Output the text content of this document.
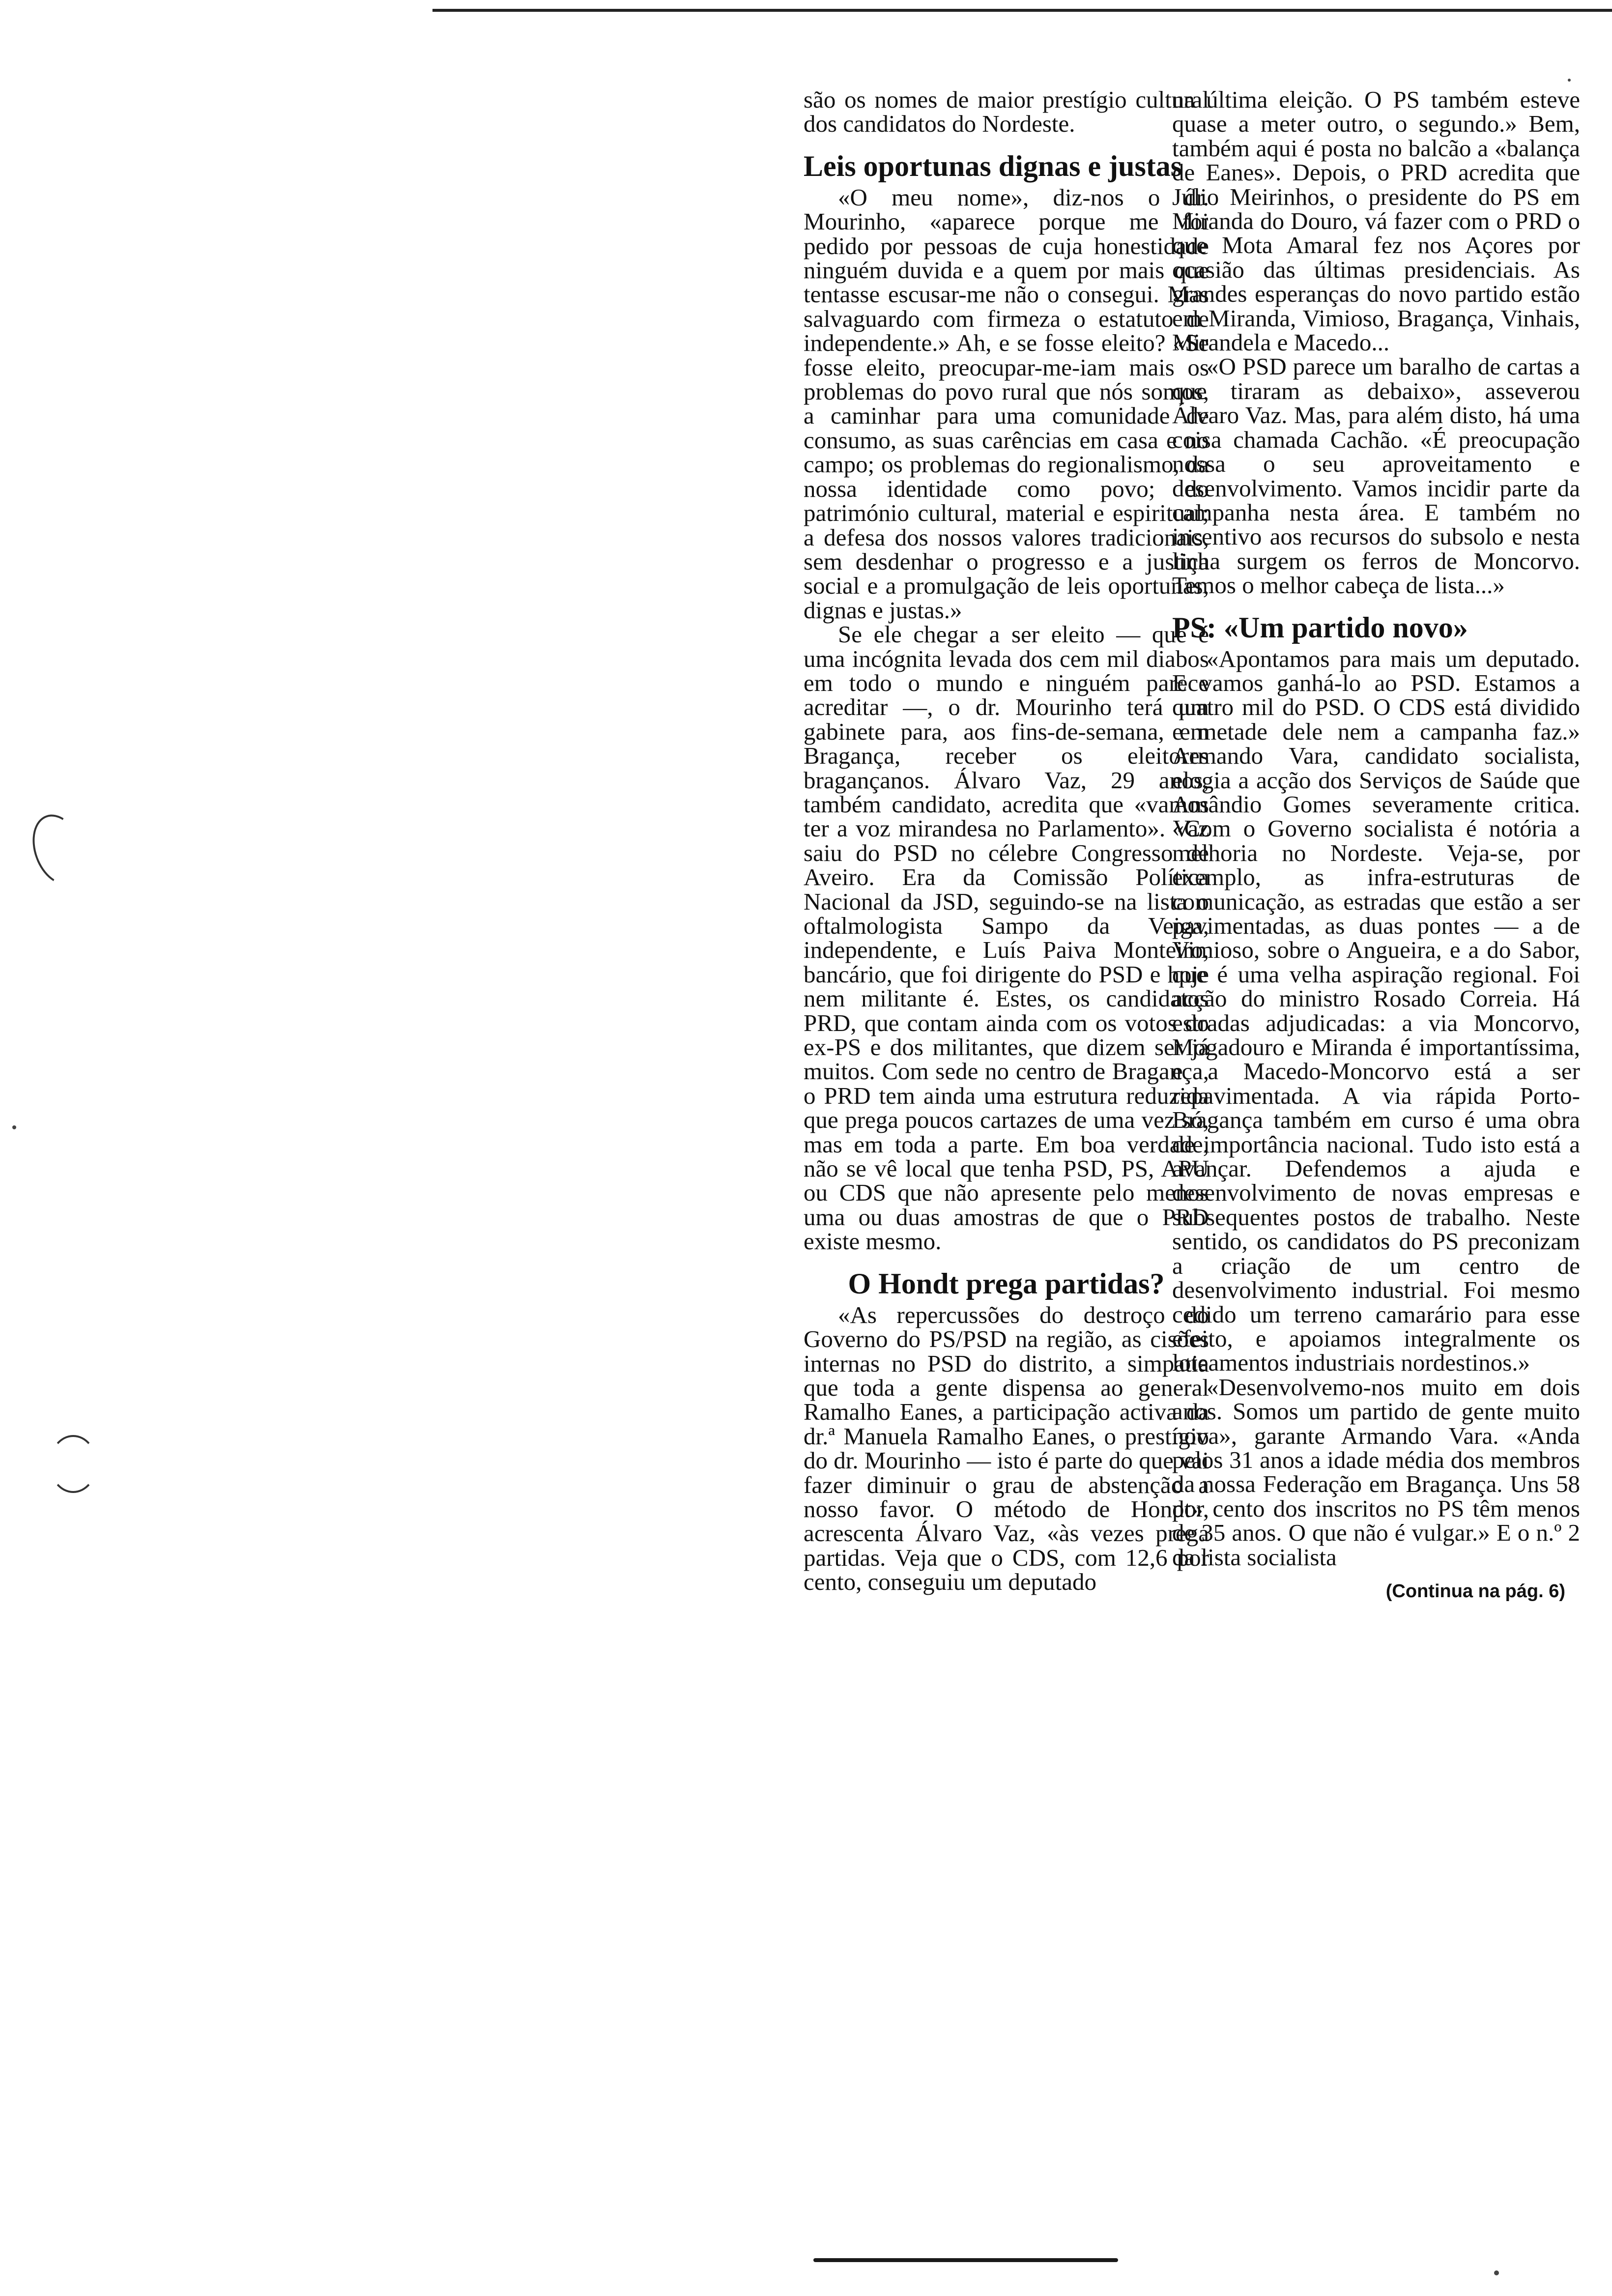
são os nomes de maior prestígio cultural dos candidatos do Nordeste.

Leis oportunas dignas e justas

«O meu nome», diz-nos o dr. Mourinho, «aparece porque me foi pedido por pessoas de cuja honestidade ninguém duvida e a quem por mais que tentasse escusar-me não o consegui. Mas salvaguardo com firmeza o estatuto de independente.» Ah, e se fosse eleito? «Se fosse eleito, preocupar-me-iam mais os problemas do povo rural que nós somos, a caminhar para uma comunidade de consumo, as suas carências em casa e no campo; os problemas do regionalismo, da nossa identidade como povo; do património cultural, material e espiritual; a defesa dos nossos valores tradicionais, sem desdenhar o progresso e a justiça social e a promulgação de leis oportunas, dignas e justas.»

Se ele chegar a ser eleito — que é uma incógnita levada dos cem mil diabos em todo o mundo e ninguém parece acreditar —, o dr. Mourinho terá um gabinete para, aos fins-de-semana, em Bragança, receber os eleitores bragançanos. Álvaro Vaz, 29 anos, também candidato, acredita que «vamos ter a voz mirandesa no Parlamento». Vaz saiu do PSD no célebre Congresso de Aveiro. Era da Comissão Política Nacional da JSD, seguindo-se na lista o oftalmologista Sampo da Veiga, independente, e Luís Paiva Monteiro, bancário, que foi dirigente do PSD e hoje nem militante é. Estes, os candidatos PRD, que contam ainda com os votos do ex-PS e dos militantes, que dizem ser já muitos. Com sede no centro de Bragança, o PRD tem ainda uma estrutura reduzida que prega poucos cartazes de uma vez só, mas em toda a parte. Em boa verdade, não se vê local que tenha PSD, PS, APU ou CDS que não apresente pelo menos uma ou duas amostras de que o PRD existe mesmo.

O Hondt prega partidas?

«As repercussões do destroço do Governo do PS/PSD na região, as cisões internas no PSD do distrito, a simpatia que toda a gente dispensa ao general Ramalho Eanes, a participação activa da dr.ª Manuela Ramalho Eanes, o prestígio do dr. Mourinho — isto é parte do que vai fazer diminuir o grau de abstenção a nosso favor. O método de Hondt», acrescenta Álvaro Vaz, «às vezes prega partidas. Veja que o CDS, com 12,6 por cento, conseguiu um deputado

na última eleição. O PS também esteve quase a meter outro, o segundo.» Bem, também aqui é posta no balcão a «balança de Eanes». Depois, o PRD acredita que Júlio Meirinhos, o presidente do PS em Miranda do Douro, vá fazer com o PRD o que Mota Amaral fez nos Açores por ocasião das últimas presidenciais. As grandes esperanças do novo partido estão em Miranda, Vimioso, Bragança, Vinhais, Mirandela e Macedo...

«O PSD parece um baralho de cartas a que tiraram as debaixo», asseverou Álvaro Vaz. Mas, para além disto, há uma coisa chamada Cachão. «É preocupação nossa o seu aproveitamento e desenvolvimento. Vamos incidir parte da campanha nesta área. E também no incentivo aos recursos do subsolo e nesta linha surgem os ferros de Moncorvo. Temos o melhor cabeça de lista...»

PS: «Um partido novo»

«Apontamos para mais um deputado. E vamos ganhá-lo ao PSD. Estamos a quatro mil do PSD. O CDS está dividido e metade dele nem a campanha faz.» Armando Vara, candidato socialista, elogia a acção dos Serviços de Saúde que Amândio Gomes severamente critica. «Com o Governo socialista é notória a melhoria no Nordeste. Veja-se, por exemplo, as infra-estruturas de comunicação, as estradas que estão a ser pavimentadas, as duas pontes — a de Vimioso, sobre o Angueira, e a do Sabor, que é uma velha aspiração regional. Foi acção do ministro Rosado Correia. Há estradas adjudicadas: a via Moncorvo, Mogadouro e Miranda é importantíssima, e a Macedo-Moncorvo está a ser repavimentada. A via rápida Porto-Bragança também em curso é uma obra de importância nacional. Tudo isto está a avançar. Defendemos a ajuda e desenvolvimento de novas empresas e subsequentes postos de trabalho. Neste sentido, os candidatos do PS preconizam a criação de um centro de desenvolvimento industrial. Foi mesmo cedido um terreno camarário para esse efeito, e apoiamos integralmente os loteamentos industriais nordestinos.»

«Desenvolvemo-nos muito em dois anos. Somos um partido de gente muito nova», garante Armando Vara. «Anda pelos 31 anos a idade média dos membros da nossa Federação em Bragança. Uns 58 por cento dos inscritos no PS têm menos de 35 anos. O que não é vulgar.» E o n.º 2 da lista socialista

(Continua na pág. 6)
